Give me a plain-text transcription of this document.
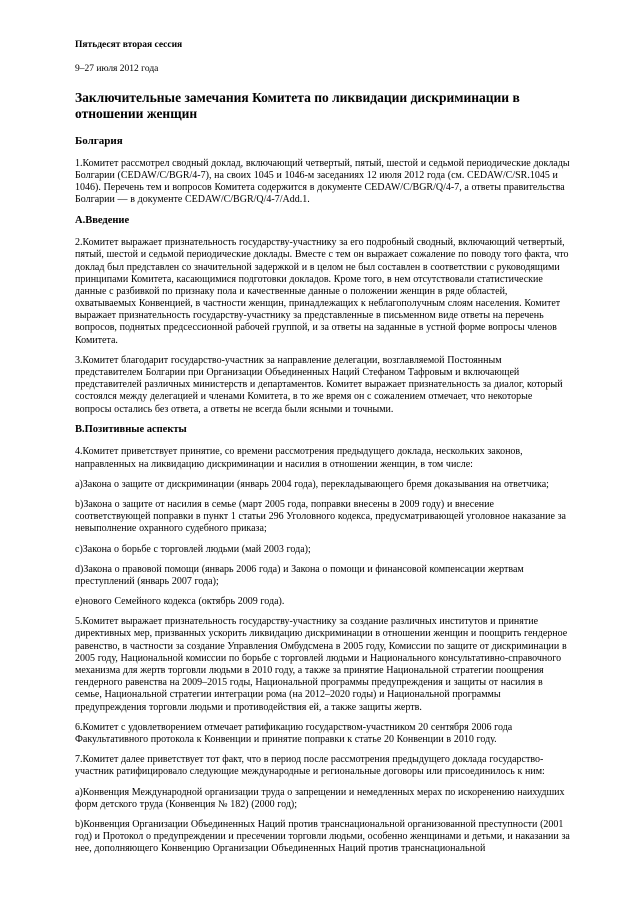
Пятьдесят вторая сессия

9–27 июля 2012 года

Заключительные замечания Комитета по ликвидации дискриминации в отношении женщин
Болгария

1.Комитет рассмотрел сводный доклад, включающий четвертый, пятый, шестой и седьмой периодические доклады Болгарии (CEDAW/C/BGR/4-7), на своих 1045 и 1046-м заседаниях 12 июля 2012 года (см. CEDAW/C/SR.1045 и 1046). Перечень тем и вопросов Комитета содержится в документе CEDAW/C/BGR/Q/4-7, а ответы правительства Болгарии — в документе CEDAW/C/BGR/Q/4-7/Add.1.

А.Введение

2.Комитет выражает признательность государству-участнику за его подробный сводный, включающий четвертый, пятый, шестой и седьмой периодические доклады. Вместе с тем он выражает сожаление по поводу того факта, что доклад был представлен со значительной задержкой и в целом не был составлен в соответствии с руководящими принципами Комитета, касающимися подготовки докладов. Кроме того, в нем отсутствовали статистические данные с разбивкой по признаку пола и качественные данные о положении женщин в ряде областей, охватываемых Конвенцией, в частности женщин, принадлежащих к неблагополучным слоям населения. Комитет выражает признательность государству-участнику за представленные в письменном виде ответы на перечень вопросов, поднятых предсессионной рабочей группой, и за ответы на заданные в устной форме вопросы членов Комитета.

3.Комитет благодарит государство-участник за направление делегации, возглавляемой Постоянным представителем Болгарии при Организации Объединенных Наций Стефаном Тафровым и включающей представителей различных министерств и департаментов. Комитет выражает признательность за диалог, который состоялся между делегацией и членами Комитета, в то же время он с сожалением отмечает, что некоторые вопросы остались без ответа, а ответы не всегда были ясными и точными.

В.Позитивные аспекты

4.Комитет приветствует принятие, со времени рассмотрения предыдущего доклада, нескольких законов, направленных на ликвидацию дискриминации и насилия в отношении женщин, в том числе:

a)Закона о защите от дискриминации (январь 2004 года), перекладывающего бремя доказывания на ответчика;

b)Закона о защите от насилия в семье (март 2005 года, поправки внесены в 2009 году) и внесение соответствующей поправки в пункт 1 статьи 296 Уголовного кодекса, предусматривающей уголовное наказание за невыполнение охранного судебного приказа;

c)Закона о борьбе с торговлей людьми (май 2003 года);

d)Закона о правовой помощи (январь 2006 года) и Закона о помощи и финансовой компенсации жертвам преступлений (январь 2007 года);

e)нового Семейного кодекса (октябрь 2009 года).

5.Комитет выражает признательность государству-участнику за создание различных институтов и принятие директивных мер, призванных ускорить ликвидацию дискриминации в отношении женщин и поощрить гендерное равенство, в частности за создание Управления Омбудсмена в 2005 году, Комиссии по защите от дискриминации в 2005 году, Национальной комиссии по борьбе с торговлей людьми и Национального консультативно-справочного механизма для жертв торговли людьми в 2010 году, а также за принятие Национальной стратегии поощрения гендерного равенства на 2009–2015 годы, Национальной программы предупреждения и защиты от насилия в семье, Национальной стратегии интеграции рома (на 2012–2020 годы) и Национальной программы предупреждения торговли людьми и противодействия ей, а также защиты жертв.

6.Комитет с удовлетворением отмечает ратификацию государством-участником 20 сентября 2006 года Факультативного протокола к Конвенции и принятие поправки к статье 20 Конвенции в 2010 году.

7.Комитет далее приветствует тот факт, что в период после рассмотрения предыдущего доклада государство-участник ратифицировало следующие международные и региональные договоры или присоединилось к ним:

a)Конвенция Международной организации труда о запрещении и немедленных мерах по искоренению наихудших форм детского труда (Конвенция № 182) (2000 год);

b)Конвенция Организации Объединенных Наций против транснациональной организованной преступности (2001 год) и Протокол о предупреждении и пресечении торговли людьми, особенно женщинами и детьми, и наказании за нее, дополняющего Конвенцию Организации Объединенных Наций против транснациональной
